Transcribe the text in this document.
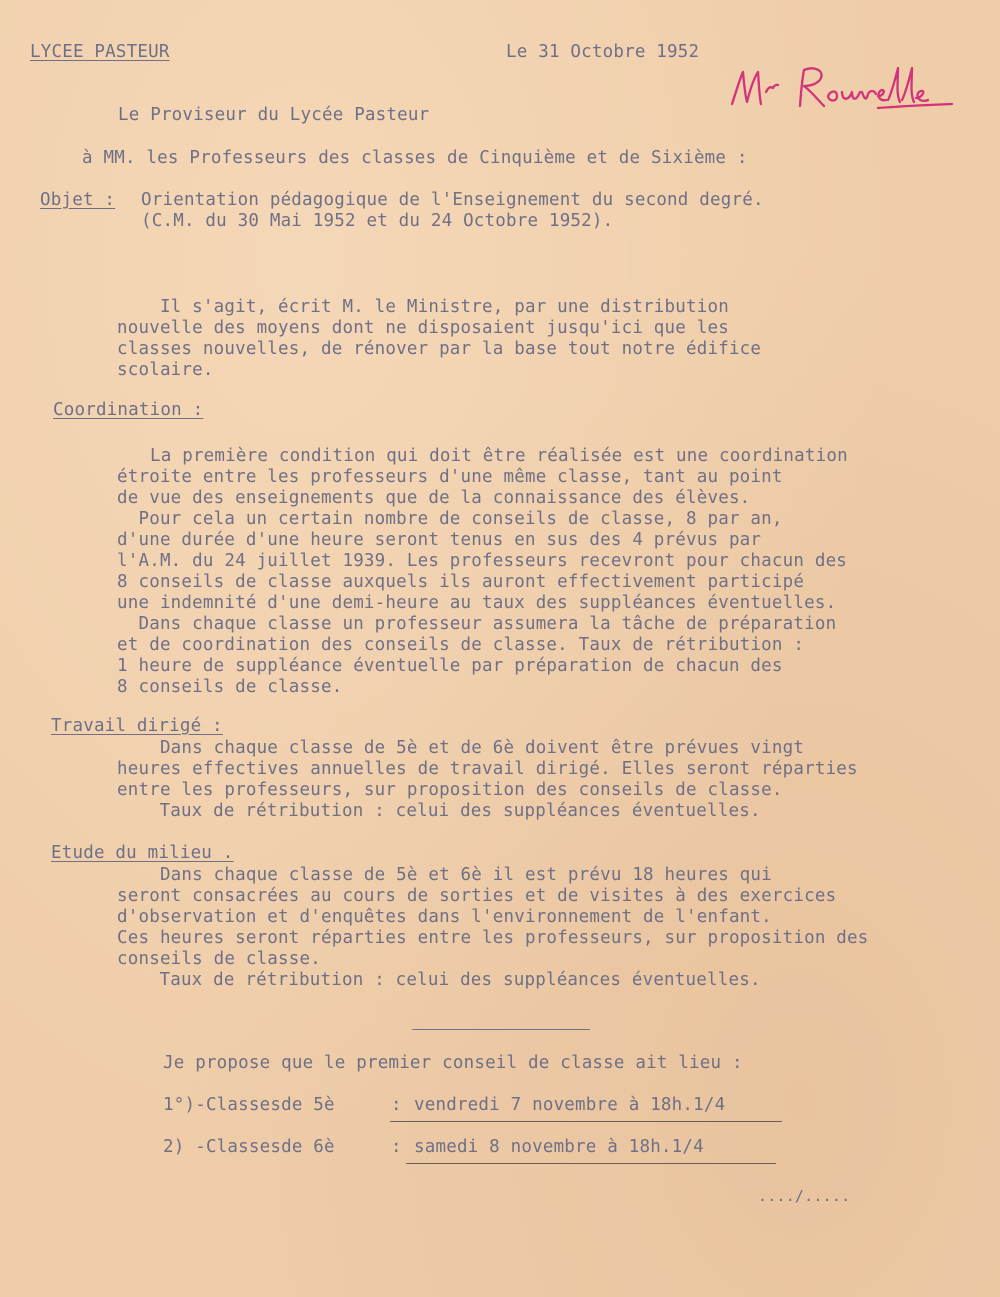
LYCEE PASTEUR	Le 31 Octobre 1952

Le Proviseur du Lycée Pasteur

à MM. les Professeurs des classes de Cinquième et de Sixième :

Objet : Orientation pédagogique de l'Enseignement du second degré.

(C.M. du 30 Mai 1952 et du 24 Octobre 1952).

Il s'agit, écrit M. le Ministre, par une distribution

nouvelle des moyens dont ne disposaient jusqu'ici que les

classes nouvelles, de rénover par la base tout notre édifice

scolaire.

Coordination :

La première condition qui doit être réalisée est une coordination

étroite entre les professeurs d'une même classe, tant au point

de vue des enseignements que de la connaissance des élèves.

Pour cela un certain nombre de conseils de classe, 8 par an,

d'une durée d'une heure seront tenus en sus des 4 prévus par

l'A.M. du 24 juillet 1939. Les professeurs recevront pour chacun des

8 conseils de classe auxquels ils auront effectivement participé

une indemnité d'une demi-heure au taux des suppléances éventuelles.

Dans chaque classe un professeur assumera la tâche de préparation

et de coordination des conseils de classe. Taux de rétribution :

1 heure de suppléance éventuelle par préparation de chacun des

8 conseils de classe.

Travail dirigé :

Dans chaque classe de 5è et de 6è doivent être prévues vingt

heures effectives annuelles de travail dirigé. Elles seront réparties

entre les professeurs, sur proposition des conseils de classe.

Taux de rétribution : celui des suppléances éventuelles.

Etude du milieu .

Dans chaque classe de 5è et 6è il est prévu 18 heures qui

seront consacrées au cours de sorties et de visites à des exercices

d'observation et d'enquêtes dans l'environnement de l'enfant.

Ces heures seront réparties entre les professeurs, sur proposition des

conseils de classe.

Taux de rétribution : celui des suppléances éventuelles.

Je propose que le premier conseil de classe ait lieu :

1°)-Classesde 5è	: vendredi 7 novembre à 18h.1/4

2) -Classesde 6è	: samedi 8 novembre à 18h.1/4

..../.....
